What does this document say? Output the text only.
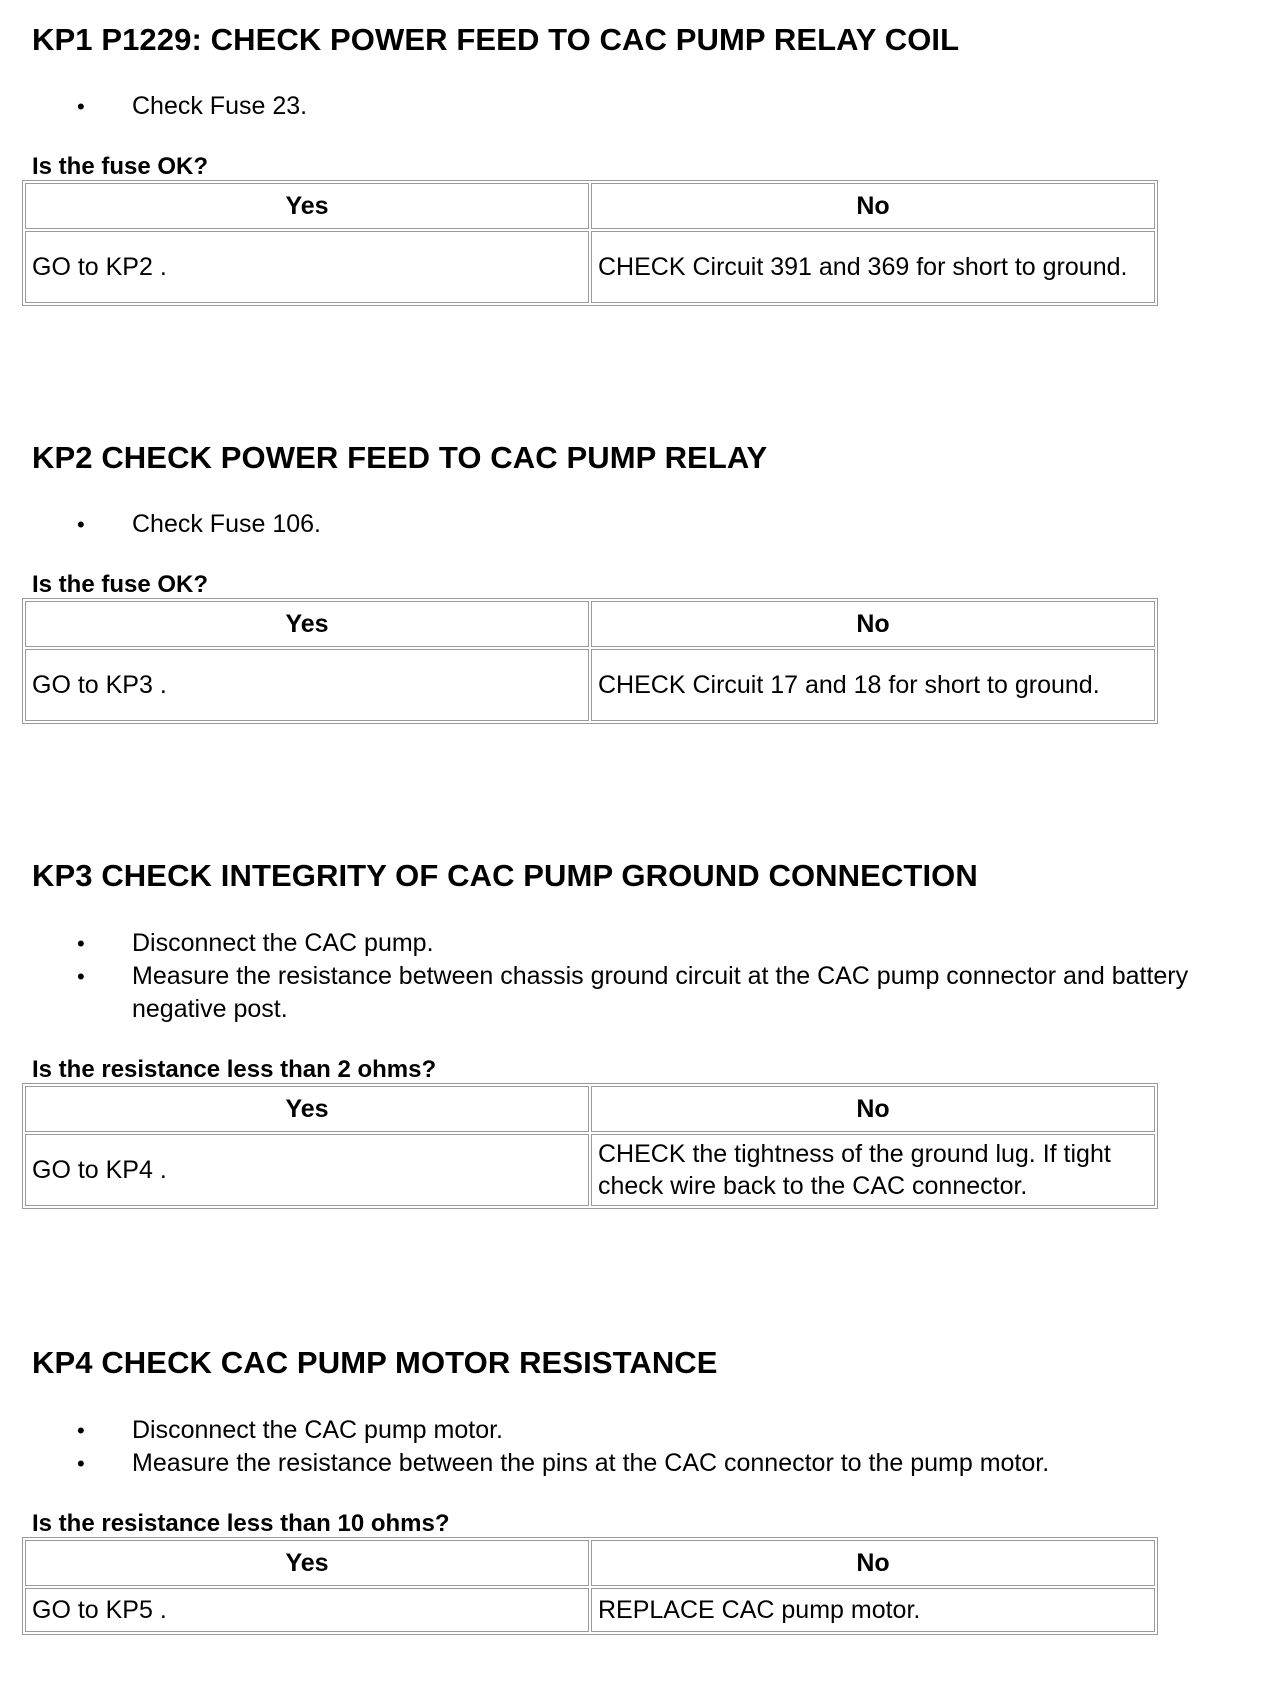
KP1 P1229: CHECK POWER FEED TO CAC PUMP RELAY COIL
• Check Fuse 23.
Is the fuse OK?
Yes	No
GO to KP2 .	CHECK Circuit 391 and 369 for short to ground.
KP2 CHECK POWER FEED TO CAC PUMP RELAY
• Check Fuse 106.
Is the fuse OK?
Yes	No
GO to KP3 .	CHECK Circuit 17 and 18 for short to ground.
KP3 CHECK INTEGRITY OF CAC PUMP GROUND CONNECTION
• Disconnect the CAC pump.
• Measure the resistance between chassis ground circuit at the CAC pump connector and battery negative post.
Is the resistance less than 2 ohms?
Yes	No
GO to KP4 .	CHECK the tightness of the ground lug. If tight check wire back to the CAC connector.
KP4 CHECK CAC PUMP MOTOR RESISTANCE
• Disconnect the CAC pump motor.
• Measure the resistance between the pins at the CAC connector to the pump motor.
Is the resistance less than 10 ohms?
Yes	No
GO to KP5 .	REPLACE CAC pump motor.
